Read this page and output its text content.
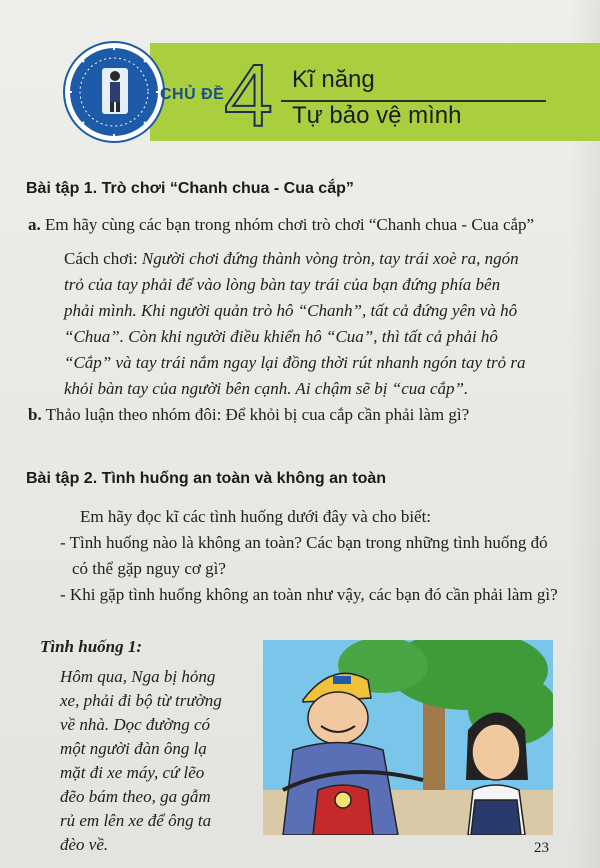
CHỦ ĐỀ 4 Kĩ năng
Tự bảo vệ mình
Bài tập 1. Trò chơi “Chanh chua - Cua cắp”
a. Em hãy cùng các bạn trong nhóm chơi trò chơi “Chanh chua - Cua cắp”
Cách chơi: Người chơi đứng thành vòng tròn, tay trái xoè ra, ngón
trỏ của tay phải để vào lòng bàn tay trái của bạn đứng phía bên
phải mình. Khi người quản trò hô “Chanh”, tất cả đứng yên và hô
“Chua”. Còn khi người điều khiển hô “Cua”, thì tất cả phải hô
“Cắp” và tay trái nắm ngay lại đồng thời rút nhanh ngón tay trỏ ra
khỏi bàn tay của người bên cạnh. Ai chậm sẽ bị “cua cắp”.
b. Thảo luận theo nhóm đôi: Để khỏi bị cua cắp cần phải làm gì?
Bài tập 2. Tình huống an toàn và không an toàn
Em hãy đọc kĩ các tình huống dưới đây và cho biết:
- Tình huống nào là không an toàn? Các bạn trong những tình huống đó
có thể gặp nguy cơ gì?
- Khi gặp tình huống không an toàn như vậy, các bạn đó cần phải làm gì?
Tình huống 1:
Hôm qua, Nga bị hỏng
xe, phải đi bộ từ trường
về nhà. Dọc đường có
một người đàn ông lạ
mặt đi xe máy, cứ lẽo
đẽo bám theo, ga gẫm
rủ em lên xe để ông ta
đèo về.	23
